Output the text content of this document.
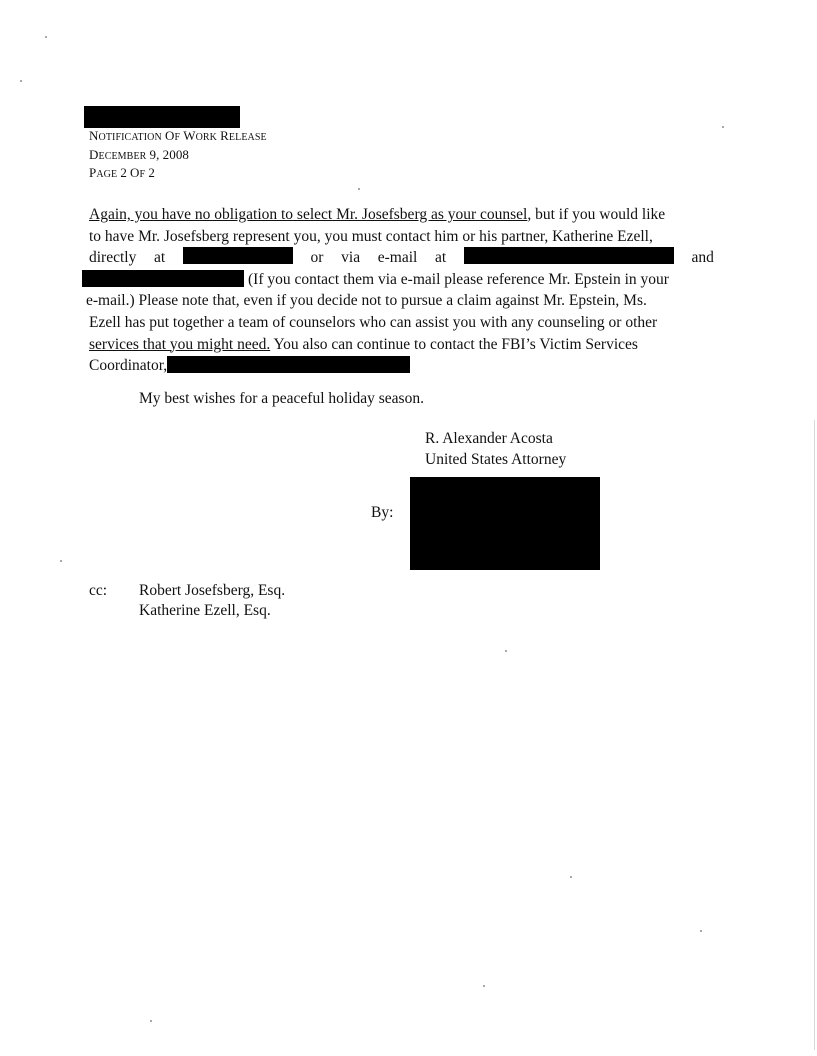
NOTIFICATION OF WORK RELEASE
DECEMBER 9, 2008
PAGE 2 OF 2
Again, you have no obligation to select Mr. Josefsberg as your counsel, but if you would like
to have Mr. Josefsberg represent you, you must contact him or his partner, Katherine Ezell,
directly at	or via e-mail at	and
(If you contact them via e-mail please reference Mr. Epstein in your
e-mail.) Please note that, even if you decide not to pursue a claim against Mr. Epstein, Ms.
Ezell has put together a team of counselors who can assist you with any counseling or other
services that you might need. You also can continue to contact the FBI’s Victim Services
Coordinator,
My best wishes for a peaceful holiday season.
R. Alexander Acosta
United States Attorney
By:
cc: Robert Josefsberg, Esq.
Katherine Ezell, Esq.
